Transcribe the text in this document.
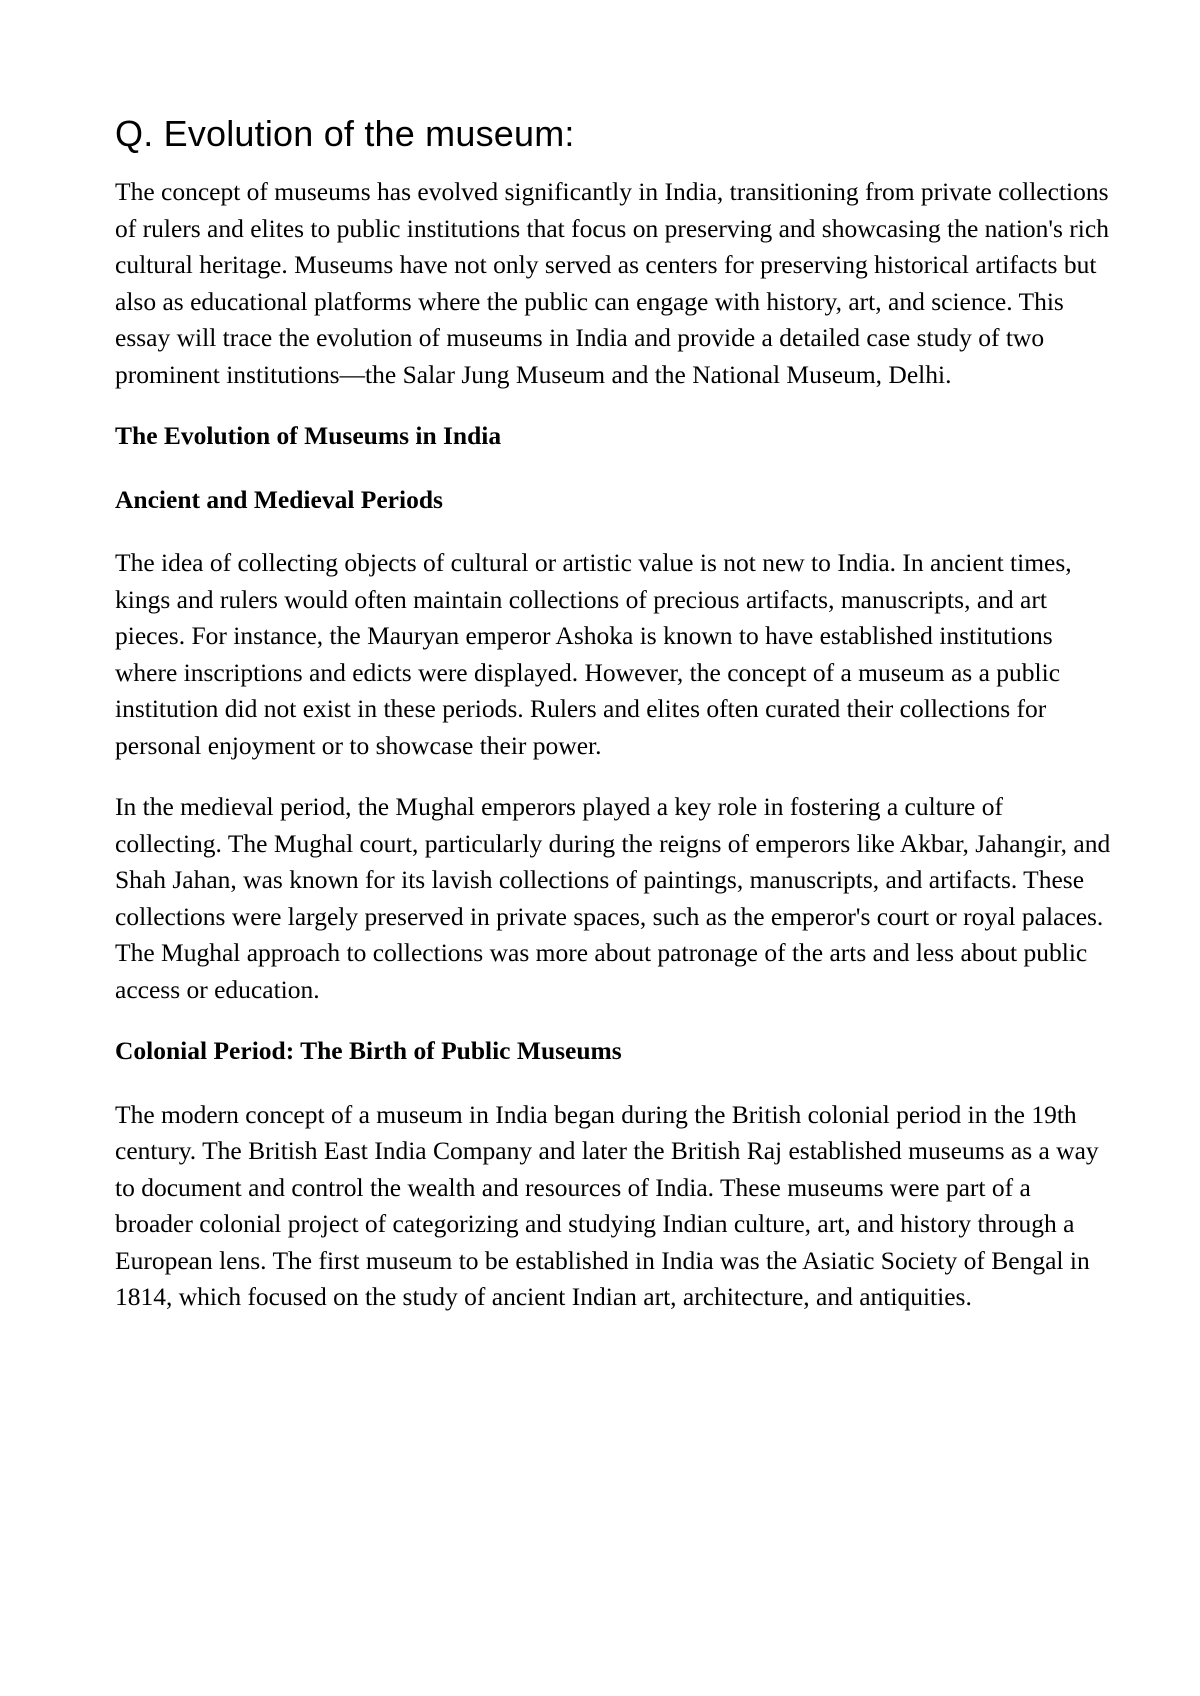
Q. Evolution of the museum:

The concept of museums has evolved significantly in India, transitioning from private collections of rulers and elites to public institutions that focus on preserving and showcasing the nation's rich cultural heritage. Museums have not only served as centers for preserving historical artifacts but also as educational platforms where the public can engage with history, art, and science. This essay will trace the evolution of museums in India and provide a detailed case study of two prominent institutions—the Salar Jung Museum and the National Museum, Delhi.

The Evolution of Museums in India

Ancient and Medieval Periods

The idea of collecting objects of cultural or artistic value is not new to India. In ancient times, kings and rulers would often maintain collections of precious artifacts, manuscripts, and art pieces. For instance, the Mauryan emperor Ashoka is known to have established institutions where inscriptions and edicts were displayed. However, the concept of a museum as a public institution did not exist in these periods. Rulers and elites often curated their collections for personal enjoyment or to showcase their power.

In the medieval period, the Mughal emperors played a key role in fostering a culture of collecting. The Mughal court, particularly during the reigns of emperors like Akbar, Jahangir, and Shah Jahan, was known for its lavish collections of paintings, manuscripts, and artifacts. These collections were largely preserved in private spaces, such as the emperor's court or royal palaces. The Mughal approach to collections was more about patronage of the arts and less about public access or education.

Colonial Period: The Birth of Public Museums

The modern concept of a museum in India began during the British colonial period in the 19th century. The British East India Company and later the British Raj established museums as a way to document and control the wealth and resources of India. These museums were part of a broader colonial project of categorizing and studying Indian culture, art, and history through a European lens. The first museum to be established in India was the Asiatic Society of Bengal in 1814, which focused on the study of ancient Indian art, architecture, and antiquities.
